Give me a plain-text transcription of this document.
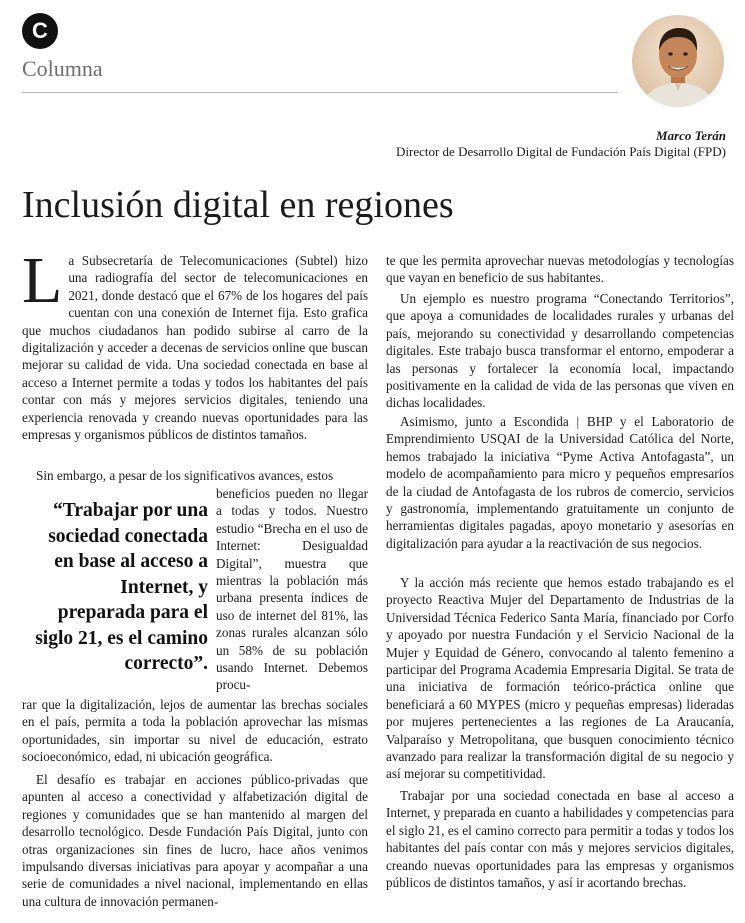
C
Columna
Marco Terán
Director de Desarrollo Digital de Fundación País Digital (FPD)
Inclusión digital en regiones
La Subsecretaría de Telecomunicaciones (Subtel) hizo una radiografía del sector de telecomunicaciones en 2021, donde destacó que el 67% de los hogares del país cuentan con una conexión de Internet fija. Esto grafica que muchos ciudadanos han podido subirse al carro de la digitalización y acceder a decenas de servicios online que buscan mejorar su calidad de vida. Una sociedad conectada en base al acceso a Internet permite a todas y todos los habitantes del país contar con más y mejores servicios digitales, teniendo una experiencia renovada y creando nuevas oportunidades para las empresas y organismos públicos de distintos tamaños.
Sin embargo, a pesar de los significativos avances, estos
“Trabajar por una sociedad conectada en base al acceso a Internet, y preparada para el siglo 21, es el camino correcto”.
beneficios pueden no llegar a todas y todos. Nuestro estudio “Brecha en el uso de Internet: Desigualdad Digital”, muestra que mientras la población más urbana presenta índices de uso de internet del 81%, las zonas rurales alcanzan sólo un 58% de su población usando Internet. Debemos procu-
rar que la digitalización, lejos de aumentar las brechas sociales en el país, permita a toda la población aprovechar las mismas oportunidades, sin importar su nivel de educación, estrato socioeconómico, edad, ni ubicación geográfica.
El desafío es trabajar en acciones público-privadas que apunten al acceso a conectividad y alfabetización digital de regiones y comunidades que se han mantenido al margen del desarrollo tecnológico. Desde Fundación País Digital, junto con otras organizaciones sin fines de lucro, hace años venimos impulsando diversas iniciativas para apoyar y acompañar a una serie de comunidades a nivel nacional, implementando en ellas una cultura de innovación permanen-
te que les permita aprovechar nuevas metodologías y tecnologías que vayan en beneficio de sus habitantes.
Un ejemplo es nuestro programa “Conectando Territorios”, que apoya a comunidades de localidades rurales y urbanas del país, mejorando su conectividad y desarrollando competencias digitales. Este trabajo busca transformar el entorno, empoderar a las personas y fortalecer la economía local, impactando positivamente en la calidad de vida de las personas que viven en dichas localidades.
Asimismo, junto a Escondida | BHP y el Laboratorio de Emprendimiento USQAI de la Universidad Católica del Norte, hemos trabajado la iniciativa “Pyme Activa Antofagasta”, un modelo de acompañamiento para micro y pequeños empresarios de la ciudad de Antofagasta de los rubros de comercio, servicios y gastronomía, implementando gratuitamente un conjunto de herramientas digitales pagadas, apoyo monetario y asesorías en digitalización para ayudar a la reactivación de sus negocios.
Y la acción más reciente que hemos estado trabajando es el proyecto Reactiva Mujer del Departamento de Industrias de la Universidad Técnica Federico Santa María, financiado por Corfo y apoyado por nuestra Fundación y el Servicio Nacional de la Mujer y Equidad de Género, convocando al talento femenino a participar del Programa Academia Empresaria Digital. Se trata de una iniciativa de formación teórico-práctica online que beneficiará a 60 MYPES (micro y pequeñas empresas) lideradas por mujeres pertenecientes a las regiones de La Araucanía, Valparaíso y Metropolitana, que busquen conocimiento técnico avanzado para realizar la transformación digital de su negocio y así mejorar su competitividad.
Trabajar por una sociedad conectada en base al acceso a Internet, y preparada en cuanto a habilidades y competencias para el siglo 21, es el camino correcto para permitir a todas y todos los habitantes del país contar con más y mejores servicios digitales, creando nuevas oportunidades para las empresas y organismos públicos de distintos tamaños, y así ir acortando brechas.
